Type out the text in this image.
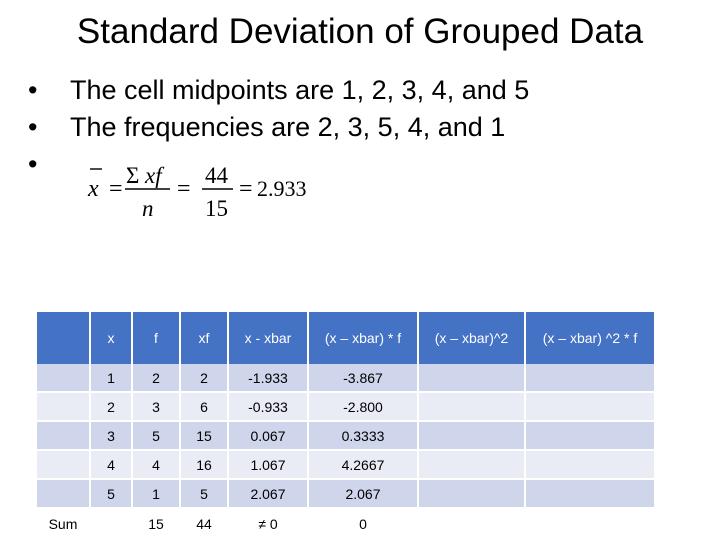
Standard Deviation of Grouped Data
•	The cell midpoints are 1, 2, 3, 4, and 5
•	The frequencies are 2, 3, 5, 4, and 1
•
x =
Σ xf
n
=
44
15
= 2.933
	x	f	xf	x - xbar	(x – xbar) * f	(x – xbar)^2	(x – xbar) ^2 * f
	1	2	2	-1.933	-3.867		
	2	3	6	-0.933	-2.800		
	3	5	15	0.067	0.3333		
	4	4	16	1.067	4.2667		
	5	1	5	2.067	2.067		
Sum		15	44	≠ 0	0		
